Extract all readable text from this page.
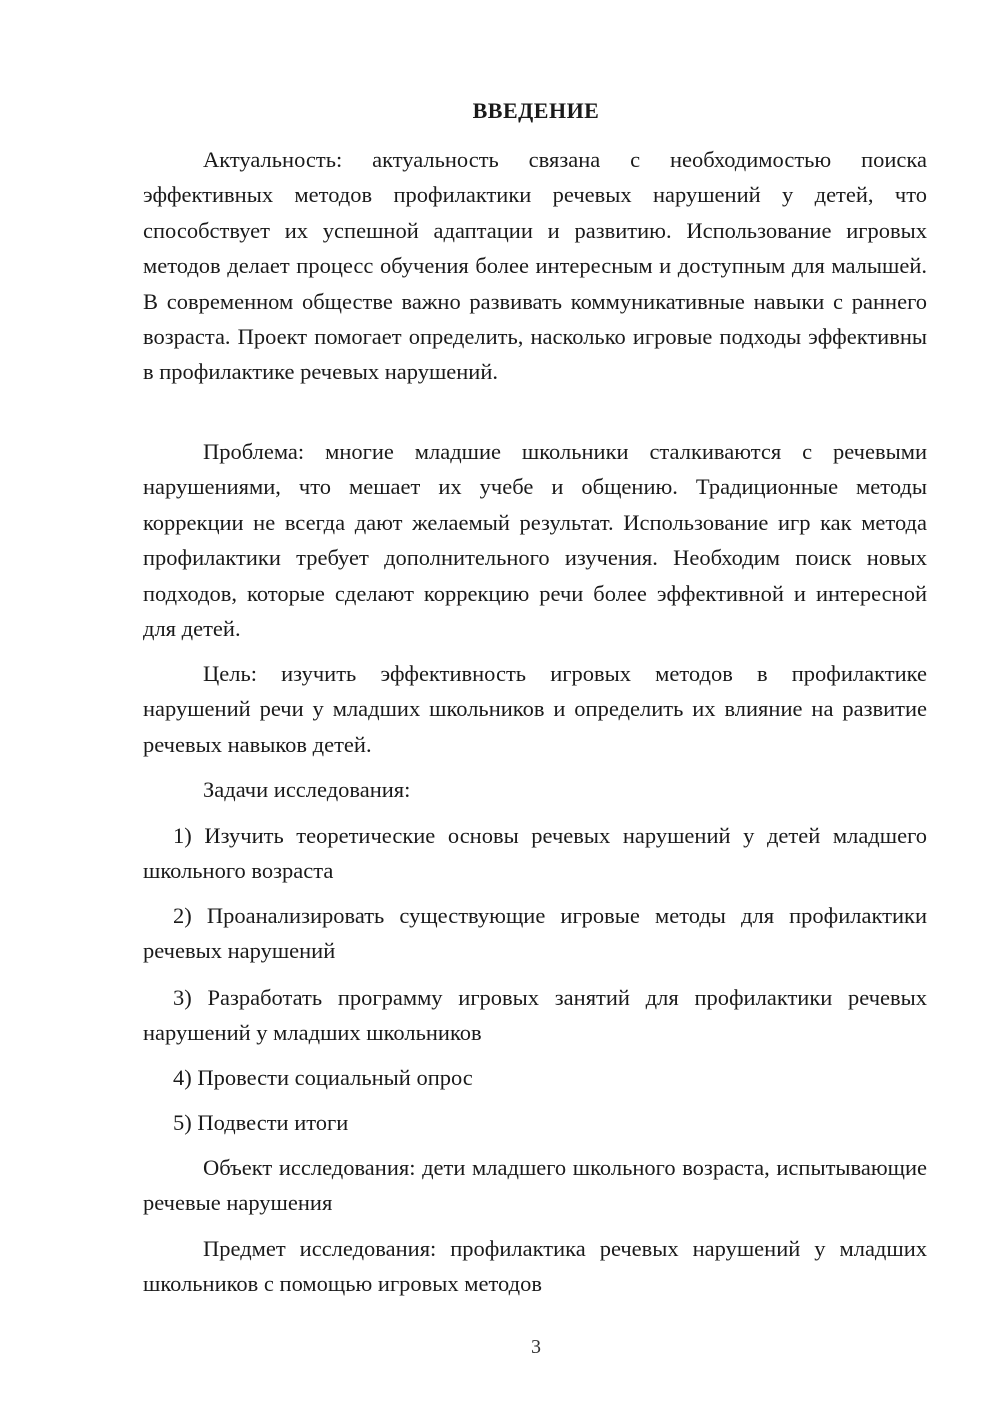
ВВЕДЕНИЕ

Актуальность: актуальность связана с необходимостью поиска эффективных методов профилактики речевых нарушений у детей, что способствует их успешной адаптации и развитию. Использование игровых методов делает процесс обучения более интересным и доступным для малышей. В современном обществе важно развивать коммуникативные навыки с раннего возраста. Проект помогает определить, насколько игровые подходы эффективны в профилактике речевых нарушений.

Проблема: многие младшие школьники сталкиваются с речевыми нарушениями, что мешает их учебе и общению. Традиционные методы коррекции не всегда дают желаемый результат. Использование игр как метода профилактики требует дополнительного изучения. Необходим поиск новых подходов, которые сделают коррекцию речи более эффективной и интересной для детей.

Цель: изучить эффективность игровых методов в профилактике нарушений речи у младших школьников и определить их влияние на развитие речевых навыков детей.

Задачи исследования:

1) Изучить теоретические основы речевых нарушений у детей младшего школьного возраста

2) Проанализировать существующие игровые методы для профилактики речевых нарушений

3) Разработать программу игровых занятий для профилактики речевых нарушений у младших школьников

4) Провести социальный опрос

5) Подвести итоги

Объект исследования: дети младшего школьного возраста, испытывающие речевые нарушения

Предмет исследования: профилактика речевых нарушений у младших школьников с помощью игровых методов

3
